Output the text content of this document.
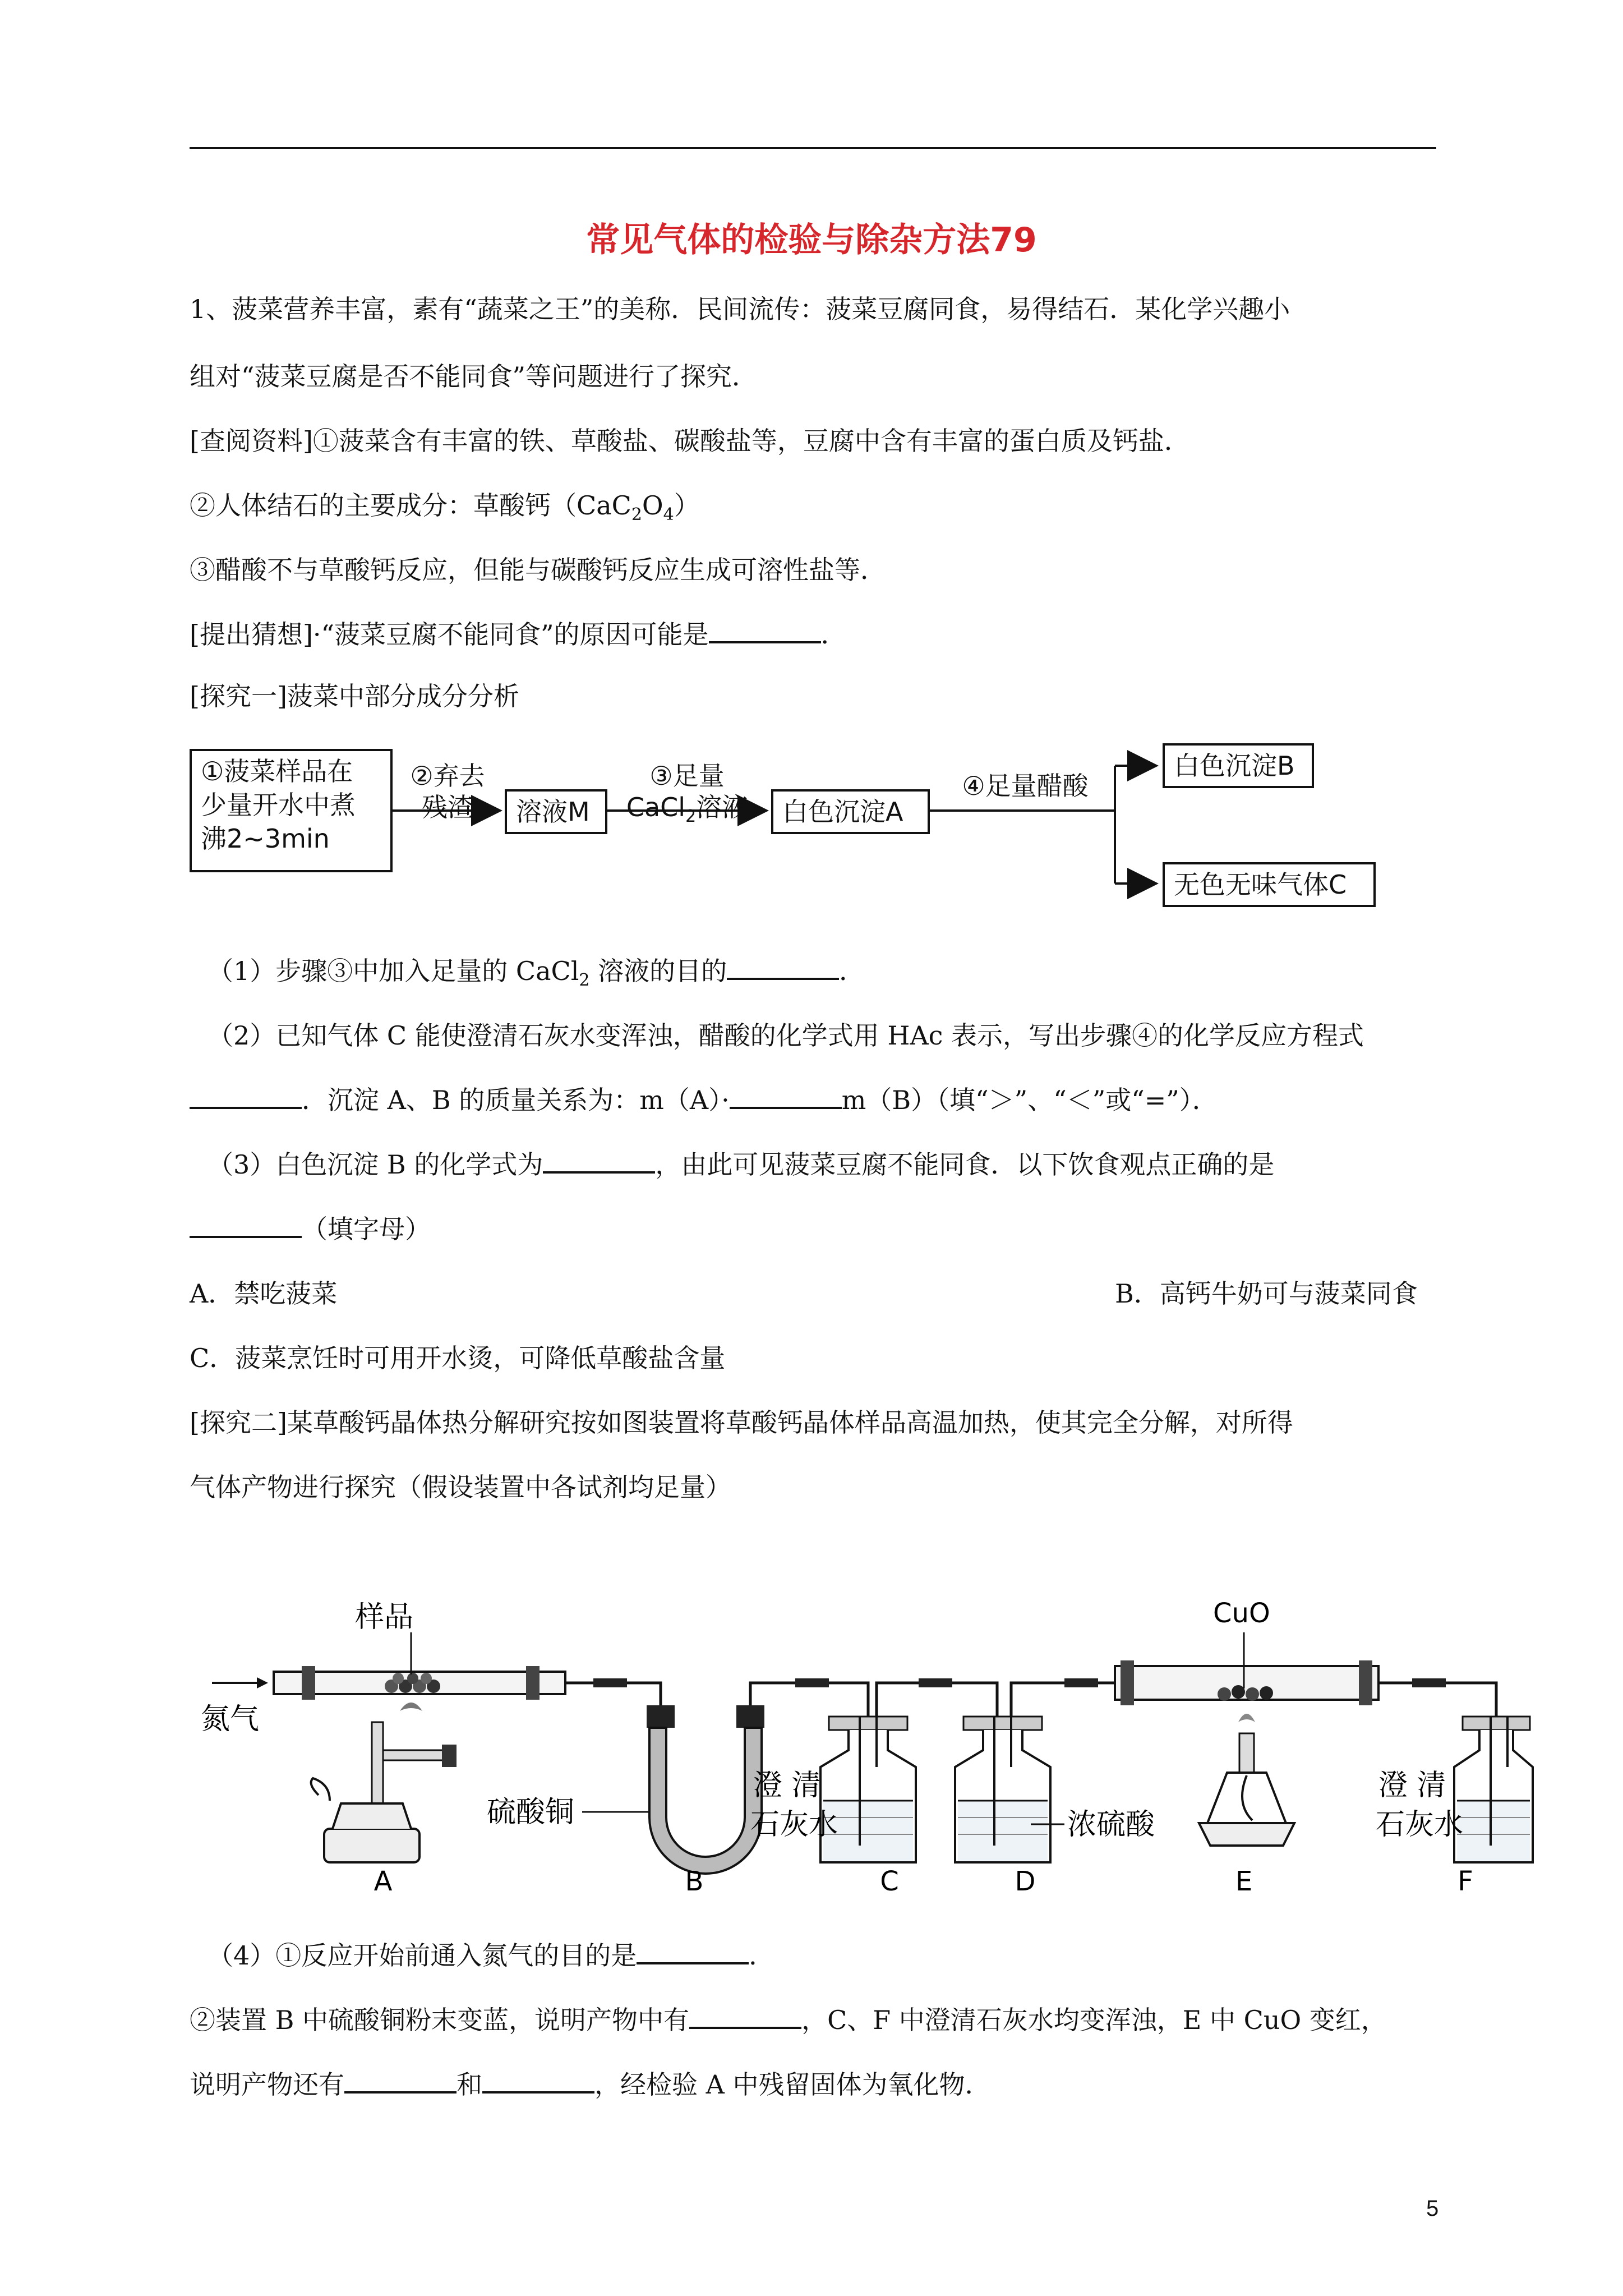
常见气体的检验与除杂方法79
1、菠菜营养丰富，素有“蔬菜之王”的美称．民间流传：菠菜豆腐同食，易得结石．某化学兴趣小
组对“菠菜豆腐是否不能同食”等问题进行了探究．
[查阅资料]①菠菜含有丰富的铁、草酸盐、碳酸盐等，豆腐中含有丰富的蛋白质及钙盐．
②人体结石的主要成分：草酸钙$(CaC_2O_4)$
③醋酸不与草酸钙反应，但能与碳酸钙反应生成可溶性盐等．
[提出猜想]·“菠菜豆腐不能同食”的原因可能是	．
[探究一]菠菜中部分成分分析
①菠菜样品在
少量开水中煮
沸2~3min
②弃去
残渣	溶液M
③足量
CaCl$_2$溶液	白色沉淀A
④足量醋酸
白色沉淀B
无色无味气体C
（1）步骤③中加入足量的 CaCl$_2$ 溶液的目的	．
（2）已知气体 C 能使澄清石灰水变浑浊，醋酸的化学式用 HAc 表示，写出步骤④的化学反应方程式
．沉淀 A、B 的质量关系为：m（A）·	m（B）（填“＞”、“＜”或“=”）．
（3）白色沉淀 B 的化学式为	，由此可见菠菜豆腐不能同食．以下饮食观点正确的是
（填字母）
A．禁吃菠菜	B．高钙牛奶可与菠菜同食
C．菠菜烹饪时可用开水烫，可降低草酸盐含量
[探究二]某草酸钙晶体热分解研究按如图装置将草酸钙晶体样品高温加热，使其完全分解，对所得
气体产物进行探究（假设装置中各试剂均足量）
氮气
样品
硫酸铜
澄 清
石灰水	浓硫酸
CuO
澄 清
石灰水
A	B	C	D	E	F
（4）①反应开始前通入氮气的目的是	．
②装置 B 中硫酸铜粉末变蓝，说明产物中有	，C、F 中澄清石灰水均变浑浊，E 中 CuO 变红，
说明产物还有	和	，经检验 A 中残留固体为氧化物．
5
